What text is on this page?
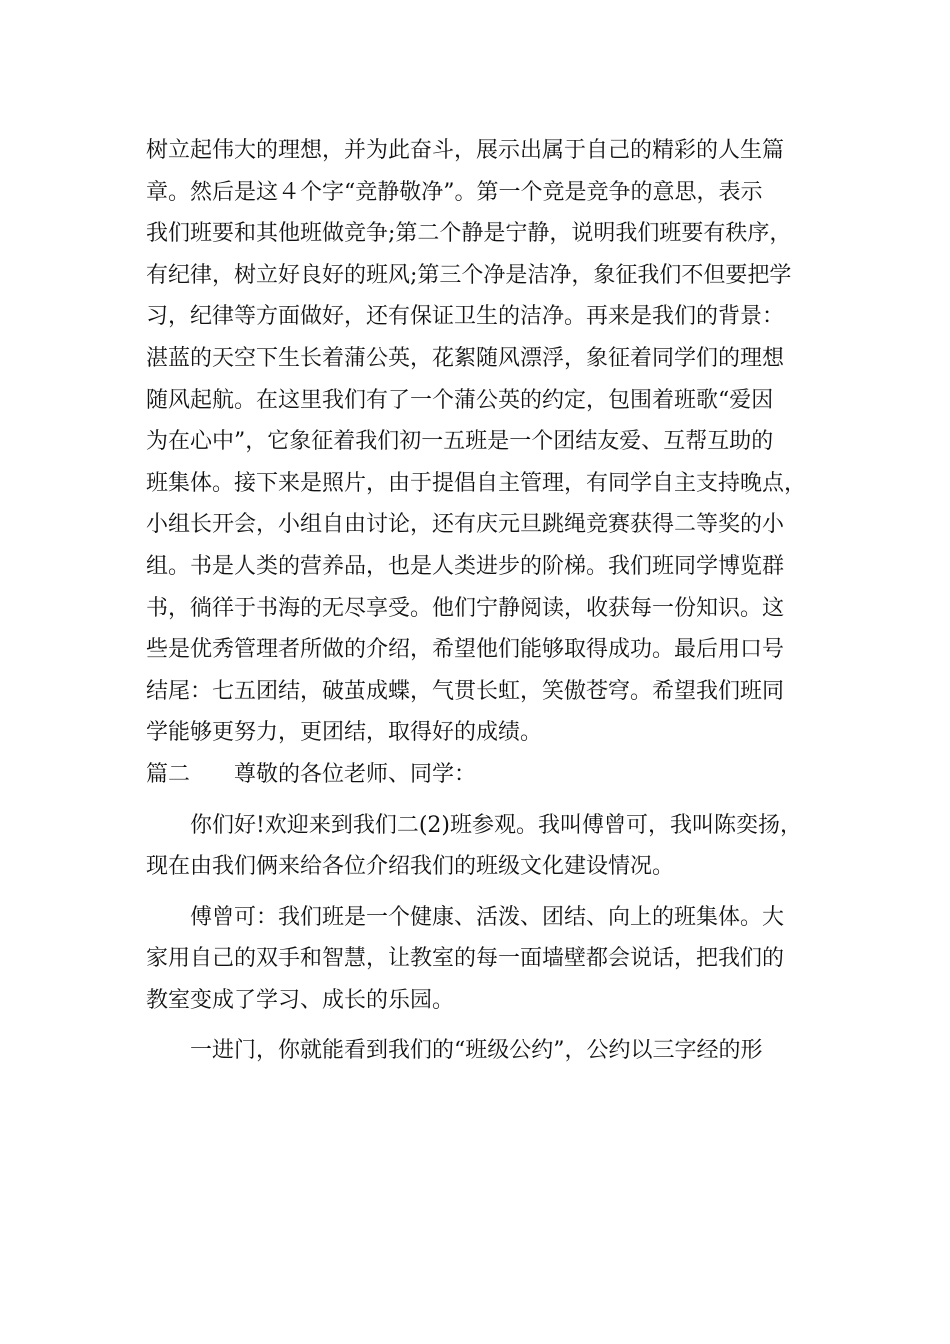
树立起伟大的理想，并为此奋斗，展示出属于自己的精彩的人生篇
章。然后是这４个字“竞静敬净”。第一个竞是竞争的意思，表示
我们班要和其他班做竞争;第二个静是宁静，说明我们班要有秩序，
有纪律，树立好良好的班风;第三个净是洁净，象征我们不但要把学
习，纪律等方面做好，还有保证卫生的洁净。再来是我们的背景：
湛蓝的天空下生长着蒲公英，花絮随风漂浮，象征着同学们的理想
随风起航。在这里我们有了一个蒲公英的约定，包围着班歌“爱因
为在心中”，它象征着我们初一五班是一个团结友爱、互帮互助的
班集体。接下来是照片，由于提倡自主管理，有同学自主支持晚点，
小组长开会，小组自由讨论，还有庆元旦跳绳竞赛获得二等奖的小
组。书是人类的营养品，也是人类进步的阶梯。我们班同学博览群
书，徜徉于书海的无尽享受。他们宁静阅读，收获每一份知识。这
些是优秀管理者所做的介绍，希望他们能够取得成功。最后用口号
结尾：七五团结，破茧成蝶，气贯长虹，笑傲苍穹。希望我们班同
学能够更努力，更团结，取得好的成绩。
篇二 尊敬的各位老师、同学：
你们好!欢迎来到我们二(2)班参观。我叫傅曾可，我叫陈奕扬，
现在由我们俩来给各位介绍我们的班级文化建设情况。
傅曾可：我们班是一个健康、活泼、团结、向上的班集体。大
家用自己的双手和智慧，让教室的每一面墙壁都会说话，把我们的
教室变成了学习、成长的乐园。
一进门，你就能看到我们的“班级公约”，公约以三字经的形
